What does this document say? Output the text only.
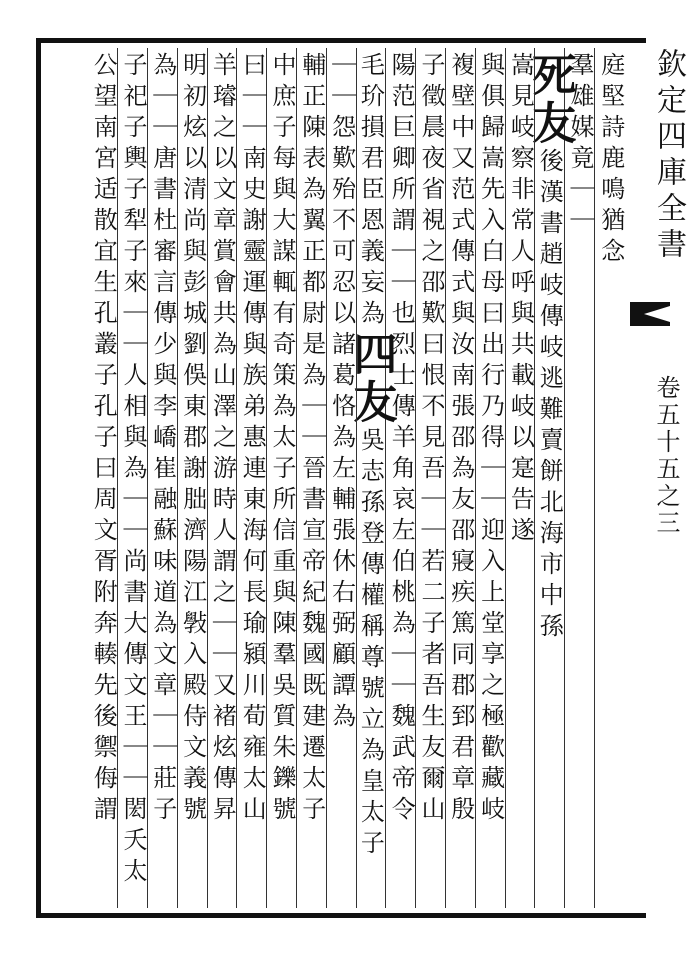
欽定四庫全書
卷五十五之三
庭堅詩鹿鳴猶念
羣雄媒竟｜｜
死友後漢書趙岐傳岐逃難賣餅北海市中孫
嵩見岐察非常人呼與共載岐以寔告遂
與俱歸嵩先入白母曰出行乃得｜｜迎入上堂享之極歡藏岐
複壁中又范式傳式與汝南張邵為友邵寢疾篤同郡郅君章殷
子徵晨夜省視之邵歎曰恨不見吾｜｜若二子者吾生友爾山
陽范巨卿所謂｜｜也烈士傳羊角哀左伯桃為｜｜魏武帝令
毛玠損君臣恩義妄為四友吳志孫登傳權稱尊號立為皇太子
｜｜怨歎殆不可忍以諸葛恪為左輔張休右弼顧譚為
輔正陳表為翼正都尉是為｜｜晉書宣帝紀魏國既建遷太子
中庶子每與大謀輒有奇策為太子所信重與陳羣吳質朱鑠號
曰｜｜南史謝靈運傳與族弟惠連東海何長瑜潁川荀雍太山
羊璿之以文章賞會共為山澤之游時人謂之｜｜又褚炫傳昇
明初炫以清尚與彭城劉俁東郡謝朏濟陽江斅入殿侍文義號
為｜｜唐書杜審言傳少與李嶠崔融蘇味道為文章｜｜莊子
子祀子輿子犁子來｜｜人相與為｜｜尚書大傳文王｜｜閎夭太
公望南宮适散宜生孔叢子孔子曰周文胥附奔輳先後禦侮謂
